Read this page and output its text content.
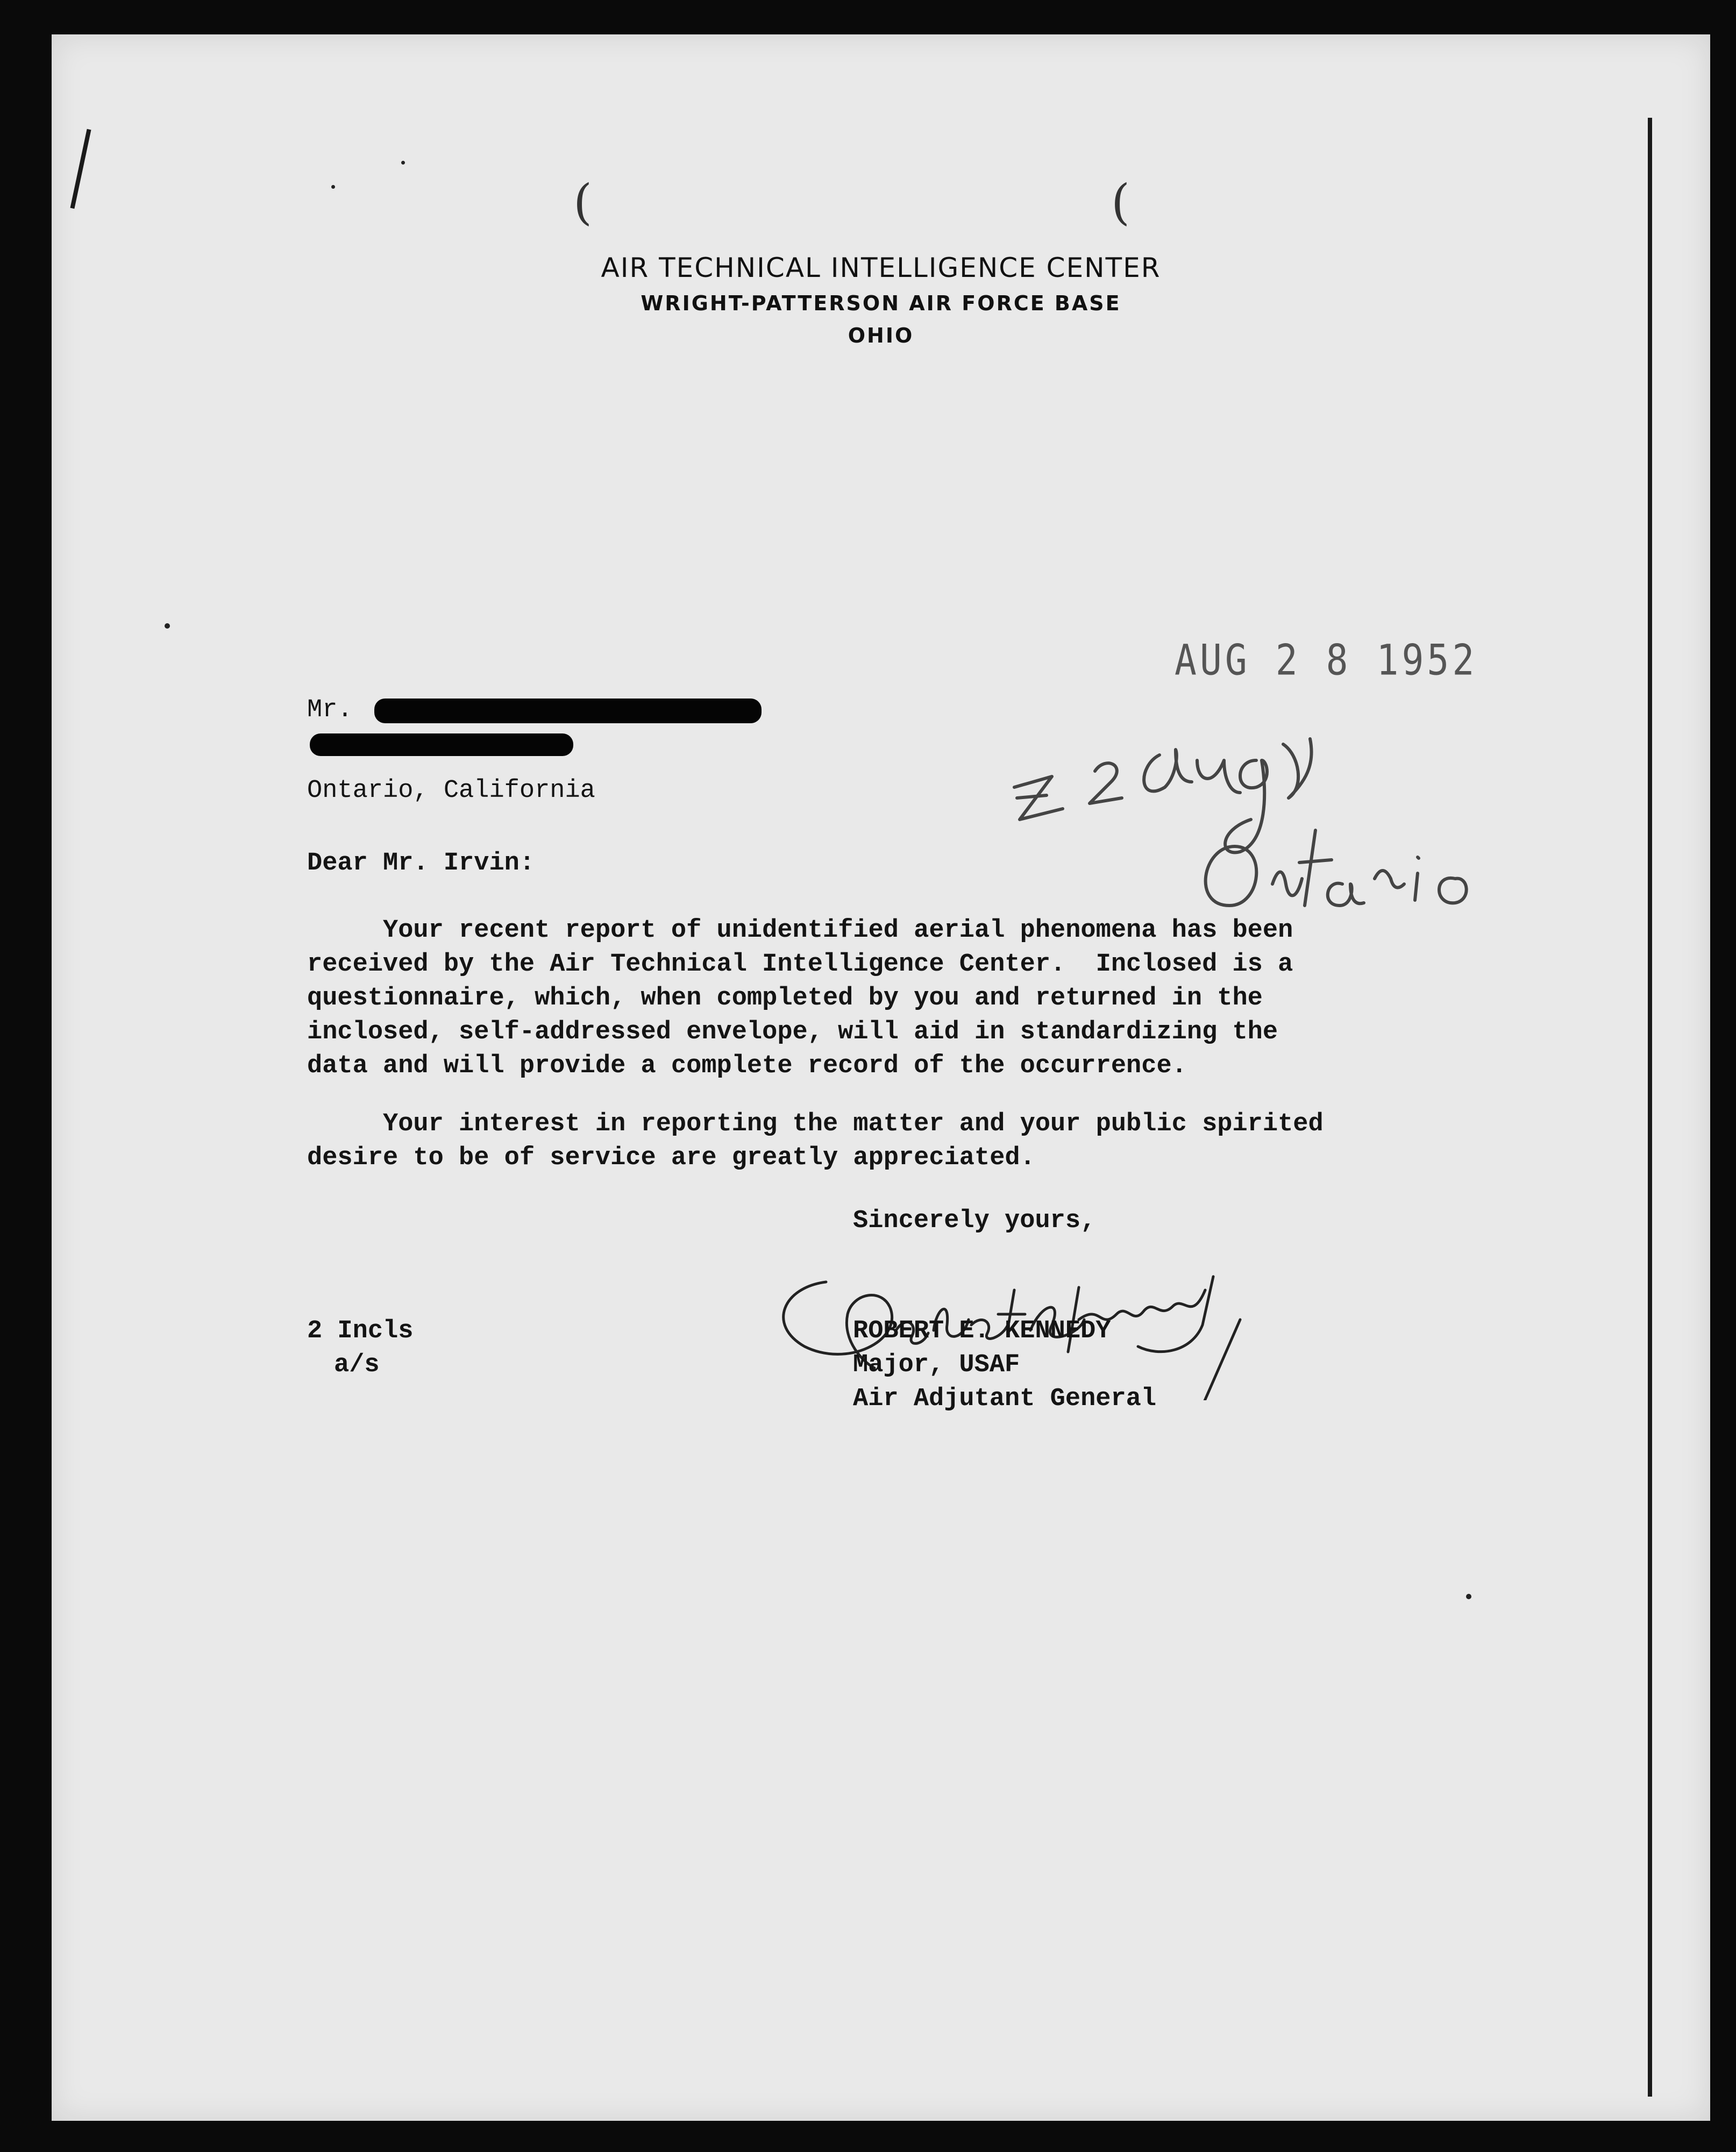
(	(
AIR TECHNICAL INTELLIGENCE CENTER
WRIGHT-PATTERSON AIR FORCE BASE
OHIO
AUG 2 8 1952
Mr.
Ontario, California
Dear Mr. Irvin:
Your recent report of unidentified aerial phenomena has been
received by the Air Technical Intelligence Center.  Inclosed is a
questionnaire, which, when completed by you and returned in the
inclosed, self-addressed envelope, will aid in standardizing the
data and will provide a complete record of the occurrence.
Your interest in reporting the matter and your public spirited
desire to be of service are greatly appreciated.
Sincerely yours,
ROBERT E. KENNEDY
Major, USAF
Air Adjutant General
2 Incls
a/s
